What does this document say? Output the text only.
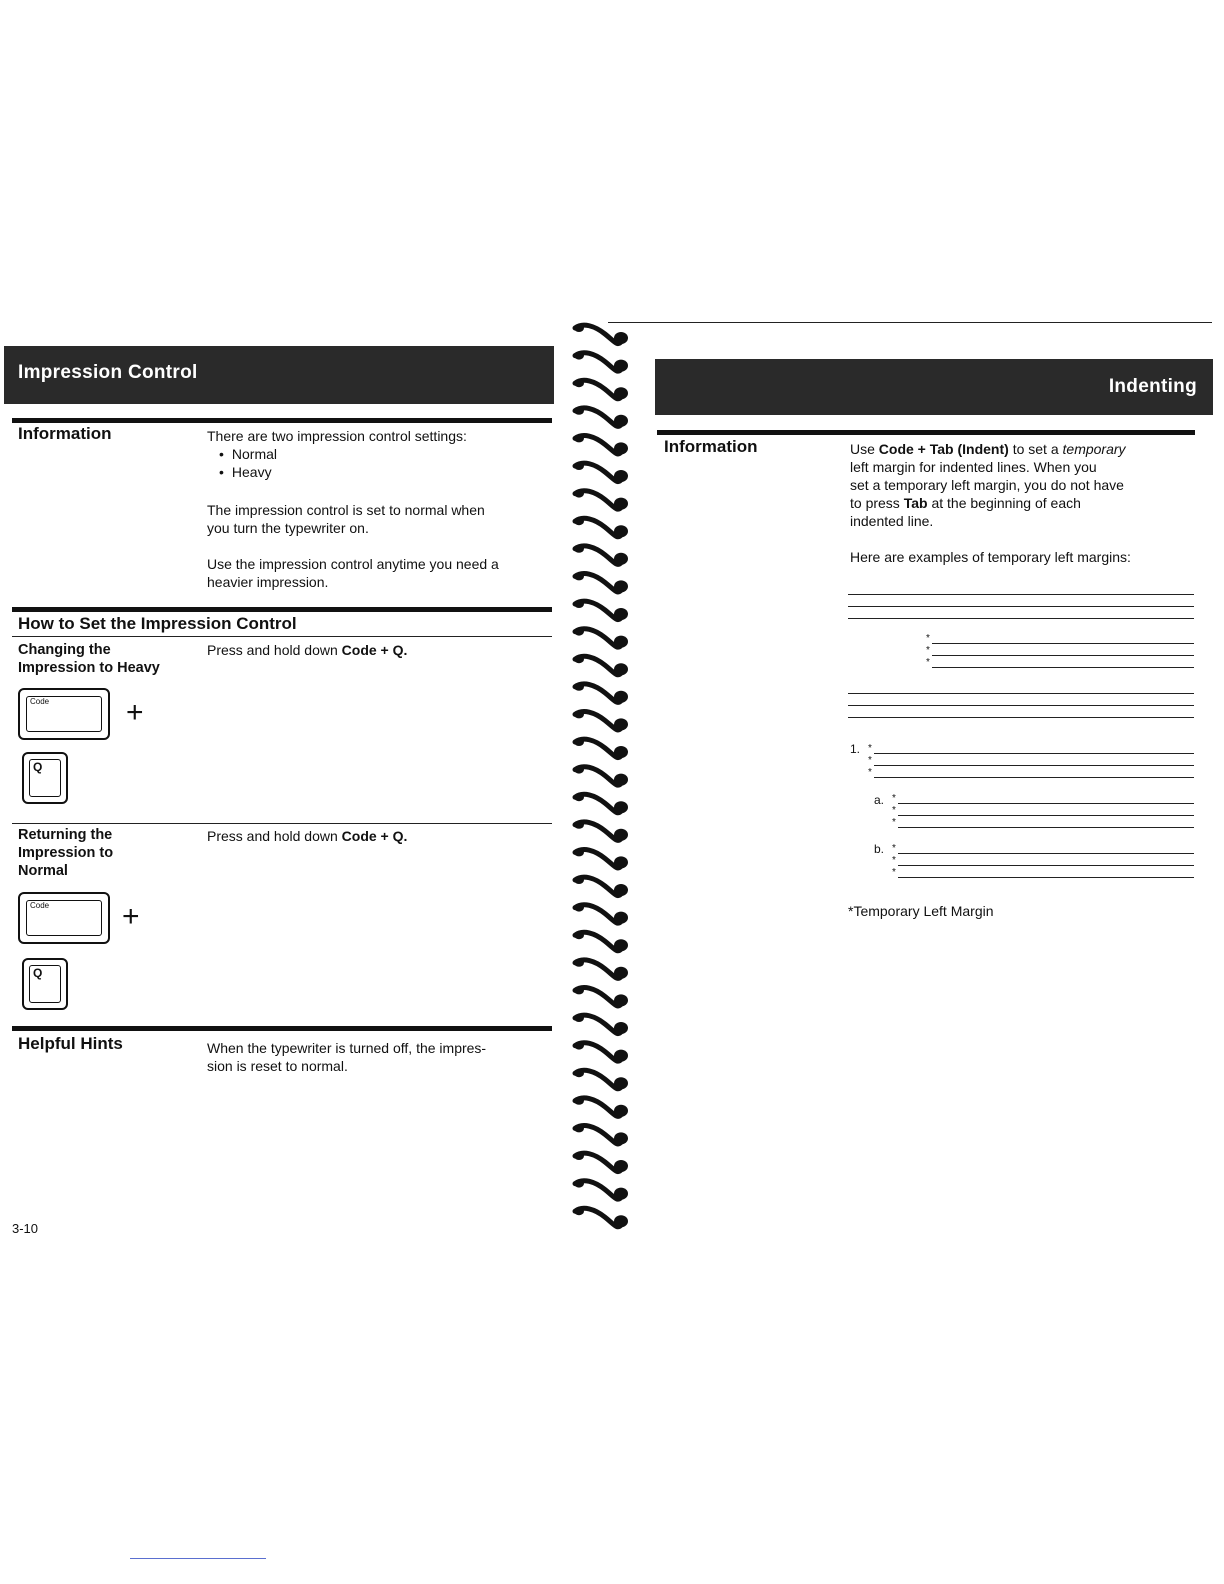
Impression Control
Information	There are two impression control settings:
• Normal
• Heavy
The impression control is set to normal when
you turn the typewriter on.
Use the impression control anytime you need a
heavier impression.
How to Set the Impression Control
Changing the
Impression to Heavy
Press and hold down Code + Q.
Code	+
Q
Returning the
Impression to
Normal
Press and hold down Code + Q.
Code +
Q
Helpful Hints	When the typewriter is turned off, the impres-
sion is reset to normal.
3-10
Indenting
Information	Use Code + Tab (Indent) to set a temporary
left margin for indented lines. When you
set a temporary left margin, you do not have
to press Tab at the beginning of each
indented line.
Here are examples of temporary left margins:
*
*
*
1. *
*
*
a. *
*
*
b. *
*
*
*Temporary Left Margin
